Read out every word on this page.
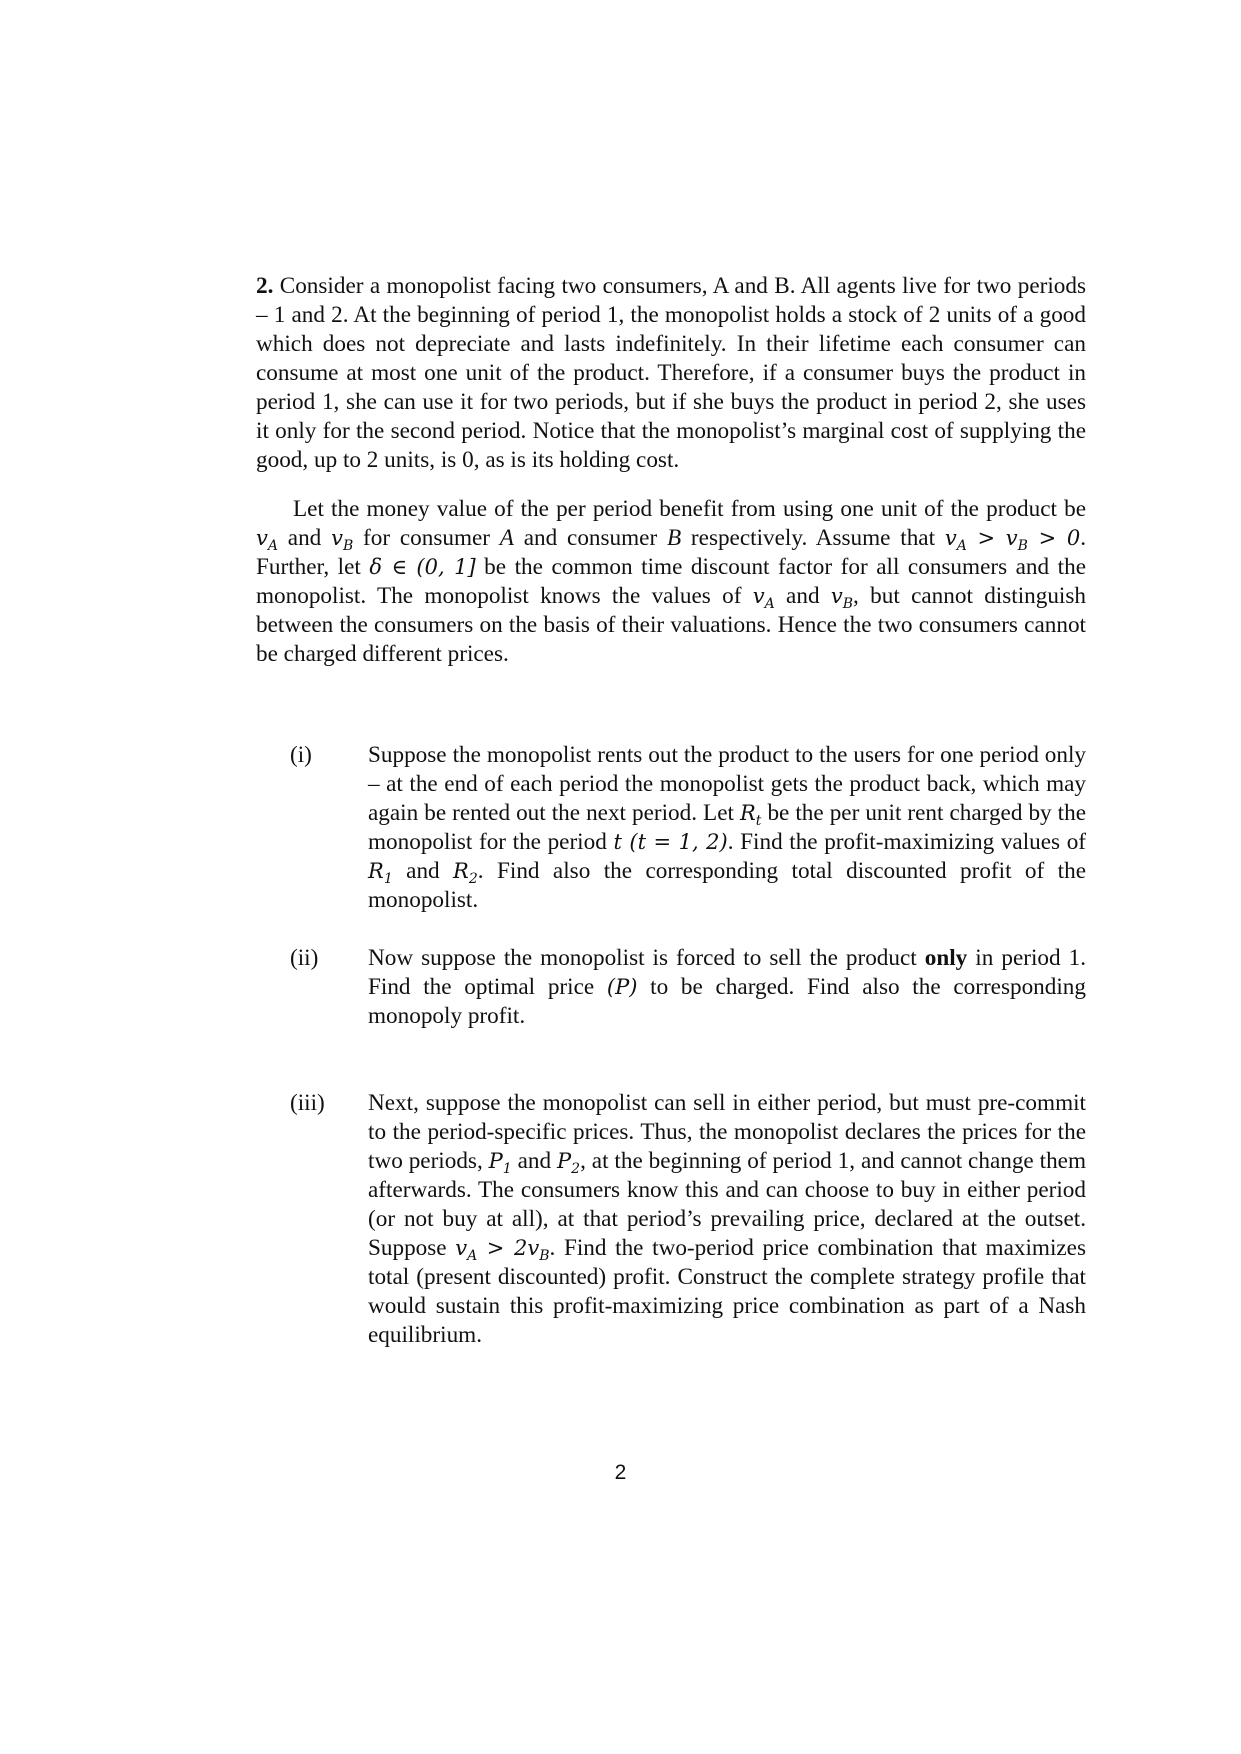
2. Consider a monopolist facing two consumers, A and B. All agents live for two periods – 1 and 2. At the beginning of period 1, the monopolist holds a stock of 2 units of a good which does not depreciate and lasts indefinitely. In their lifetime each consumer can consume at most one unit of the product. Therefore, if a consumer buys the product in period 1, she can use it for two periods, but if she buys the product in period 2, she uses it only for the second period. Notice that the monopolist’s marginal cost of supplying the good, up to 2 units, is 0, as is its holding cost.

Let the money value of the per period benefit from using one unit of the product be $v_A$ and $v_B$ for consumer A and consumer B respectively. Assume that $v_A > v_B > 0$. Further, let δ ∈ (0, 1] be the common time discount factor for all consumers and the monopolist. The monopolist knows the values of $v_A$ and $v_B$, but cannot distinguish between the consumers on the basis of their valuations. Hence the two consumers cannot be charged different prices.

(i)	Suppose the monopolist rents out the product to the users for one period only – at the end of each period the monopolist gets the product back, which may again be rented out the next period. Let $R_t$ be the per unit rent charged by the monopolist for the period t (t = 1, 2). Find the profit-maximizing values of $R_1$ and $R_2$. Find also the corresponding total discounted profit of the monopolist.

(ii)	Now suppose the monopolist is forced to sell the product only in period 1. Find the optimal price (P) to be charged. Find also the corresponding monopoly profit.

(iii)	Next, suppose the monopolist can sell in either period, but must pre-commit to the period-specific prices. Thus, the monopolist declares the prices for the two periods, $P_1$ and $P_2$, at the beginning of period 1, and cannot change them afterwards. The consumers know this and can choose to buy in either period (or not buy at all), at that period’s prevailing price, declared at the outset. Suppose $v_A > 2v_B$. Find the two-period price combination that maximizes total (present discounted) profit. Construct the complete strategy profile that would sustain this profit-maximizing price combination as part of a Nash equilibrium.

2
